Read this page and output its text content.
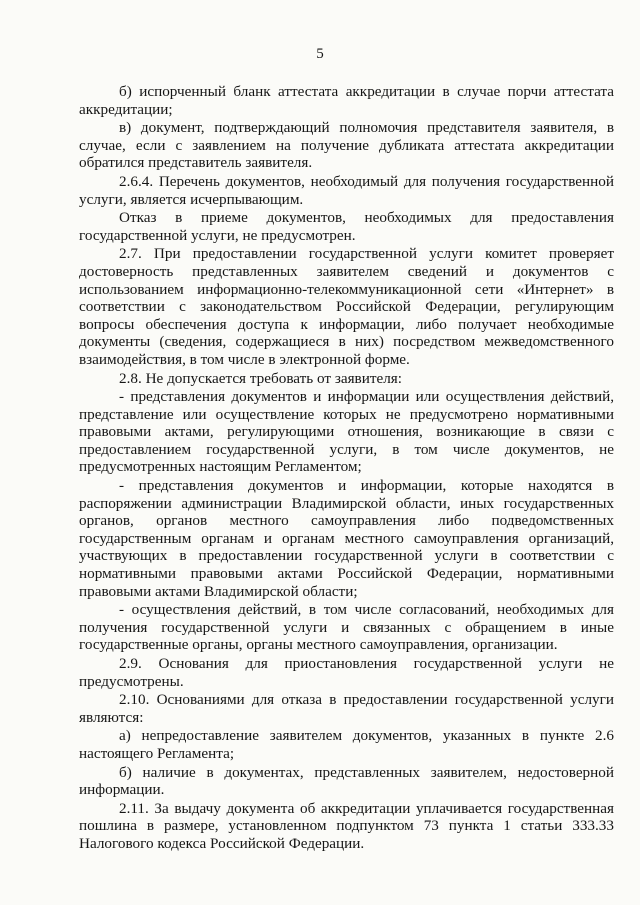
5

б) испорченный бланк аттестата аккредитации в случае порчи аттестата аккредитации;

в) документ, подтверждающий полномочия представителя заявителя, в случае, если с заявлением на получение дубликата аттестата аккредитации обратился представитель заявителя.

2.6.4. Перечень документов, необходимый для получения государственной услуги, является исчерпывающим.

Отказ в приеме документов, необходимых для предоставления государственной услуги, не предусмотрен.

2.7. При предоставлении государственной услуги комитет проверяет достоверность представленных заявителем сведений и документов с использованием информационно-телекоммуникационной сети «Интернет» в соответствии с законодательством Российской Федерации, регулирующим вопросы обеспечения доступа к информации, либо получает необходимые документы (сведения, содержащиеся в них) посредством межведомственного взаимодействия, в том числе в электронной форме.

2.8. Не допускается требовать от заявителя:

- представления документов и информации или осуществления действий, представление или осуществление которых не предусмотрено нормативными правовыми актами, регулирующими отношения, возникающие в связи с предоставлением государственной услуги, в том числе документов, не предусмотренных настоящим Регламентом;

- представления документов и информации, которые находятся в распоряжении администрации Владимирской области, иных государственных органов, органов местного самоуправления либо подведомственных государственным органам и органам местного самоуправления организаций, участвующих в предоставлении государственной услуги в соответствии с нормативными правовыми актами Российской Федерации, нормативными правовыми актами Владимирской области;

- осуществления действий, в том числе согласований, необходимых для получения государственной услуги и связанных с обращением в иные государственные органы, органы местного самоуправления, организации.

2.9. Основания для приостановления государственной услуги не предусмотрены.

2.10. Основаниями для отказа в предоставлении государственной услуги являются:

а) непредоставление заявителем документов, указанных в пункте 2.6 настоящего Регламента;

б) наличие в документах, представленных заявителем, недостоверной информации.

2.11. За выдачу документа об аккредитации уплачивается государственная пошлина в размере, установленном подпунктом 73 пункта 1 статьи 333.33 Налогового кодекса Российской Федерации.
